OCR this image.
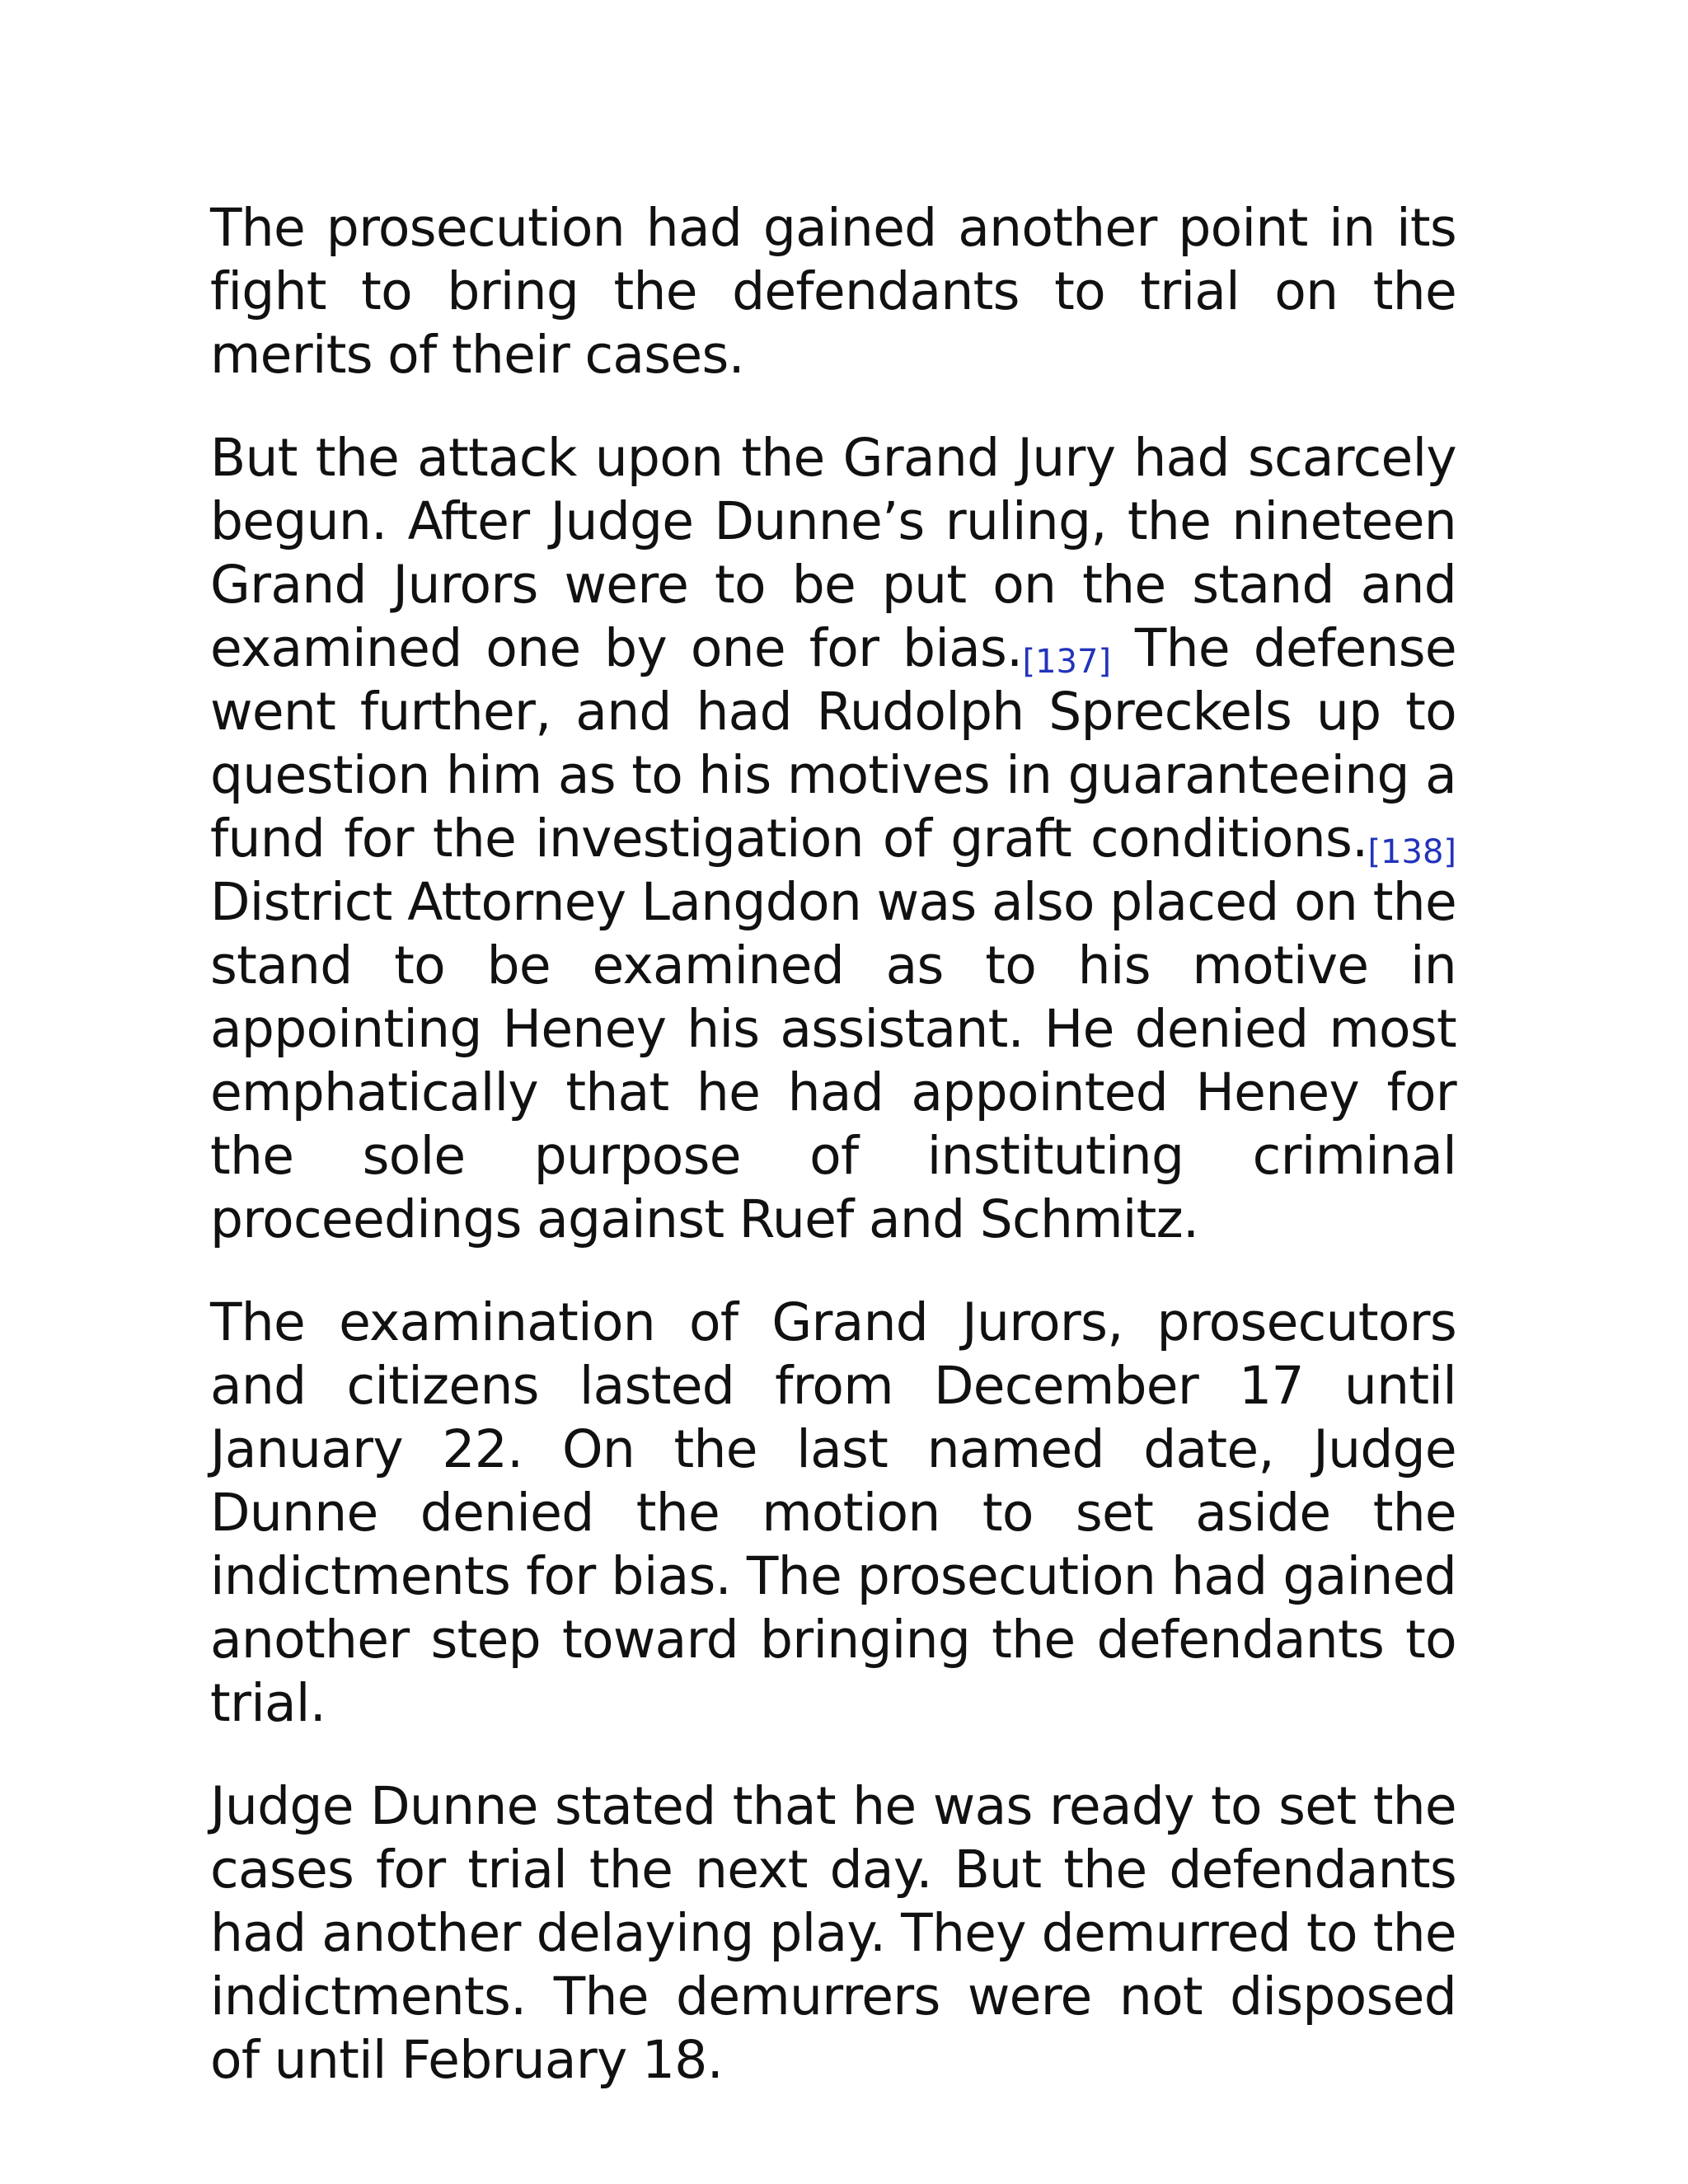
The prosecution had gained another point in its fight to bring the defendants to trial on the merits of their cases.

But the attack upon the Grand Jury had scarcely begun. After Judge Dunne’s ruling, the nineteen Grand Jurors were to be put on the stand and examined one by one for bias.[137] The defense went further, and had Rudolph Spreckels up to question him as to his motives in guaranteeing a fund for the investigation of graft conditions.[138] District Attorney Langdon was also placed on the stand to be examined as to his motive in appointing Heney his assistant. He denied most emphatically that he had appointed Heney for the sole purpose of instituting criminal proceedings against Ruef and Schmitz.

The examination of Grand Jurors, prosecutors and citizens lasted from December 17 until January 22. On the last named date, Judge Dunne denied the motion to set aside the indictments for bias. The prosecution had gained another step toward bringing the defendants to trial.

Judge Dunne stated that he was ready to set the cases for trial the next day. But the defendants had another delaying play. They demurred to the indictments. The demurrers were not disposed of until February 18.
